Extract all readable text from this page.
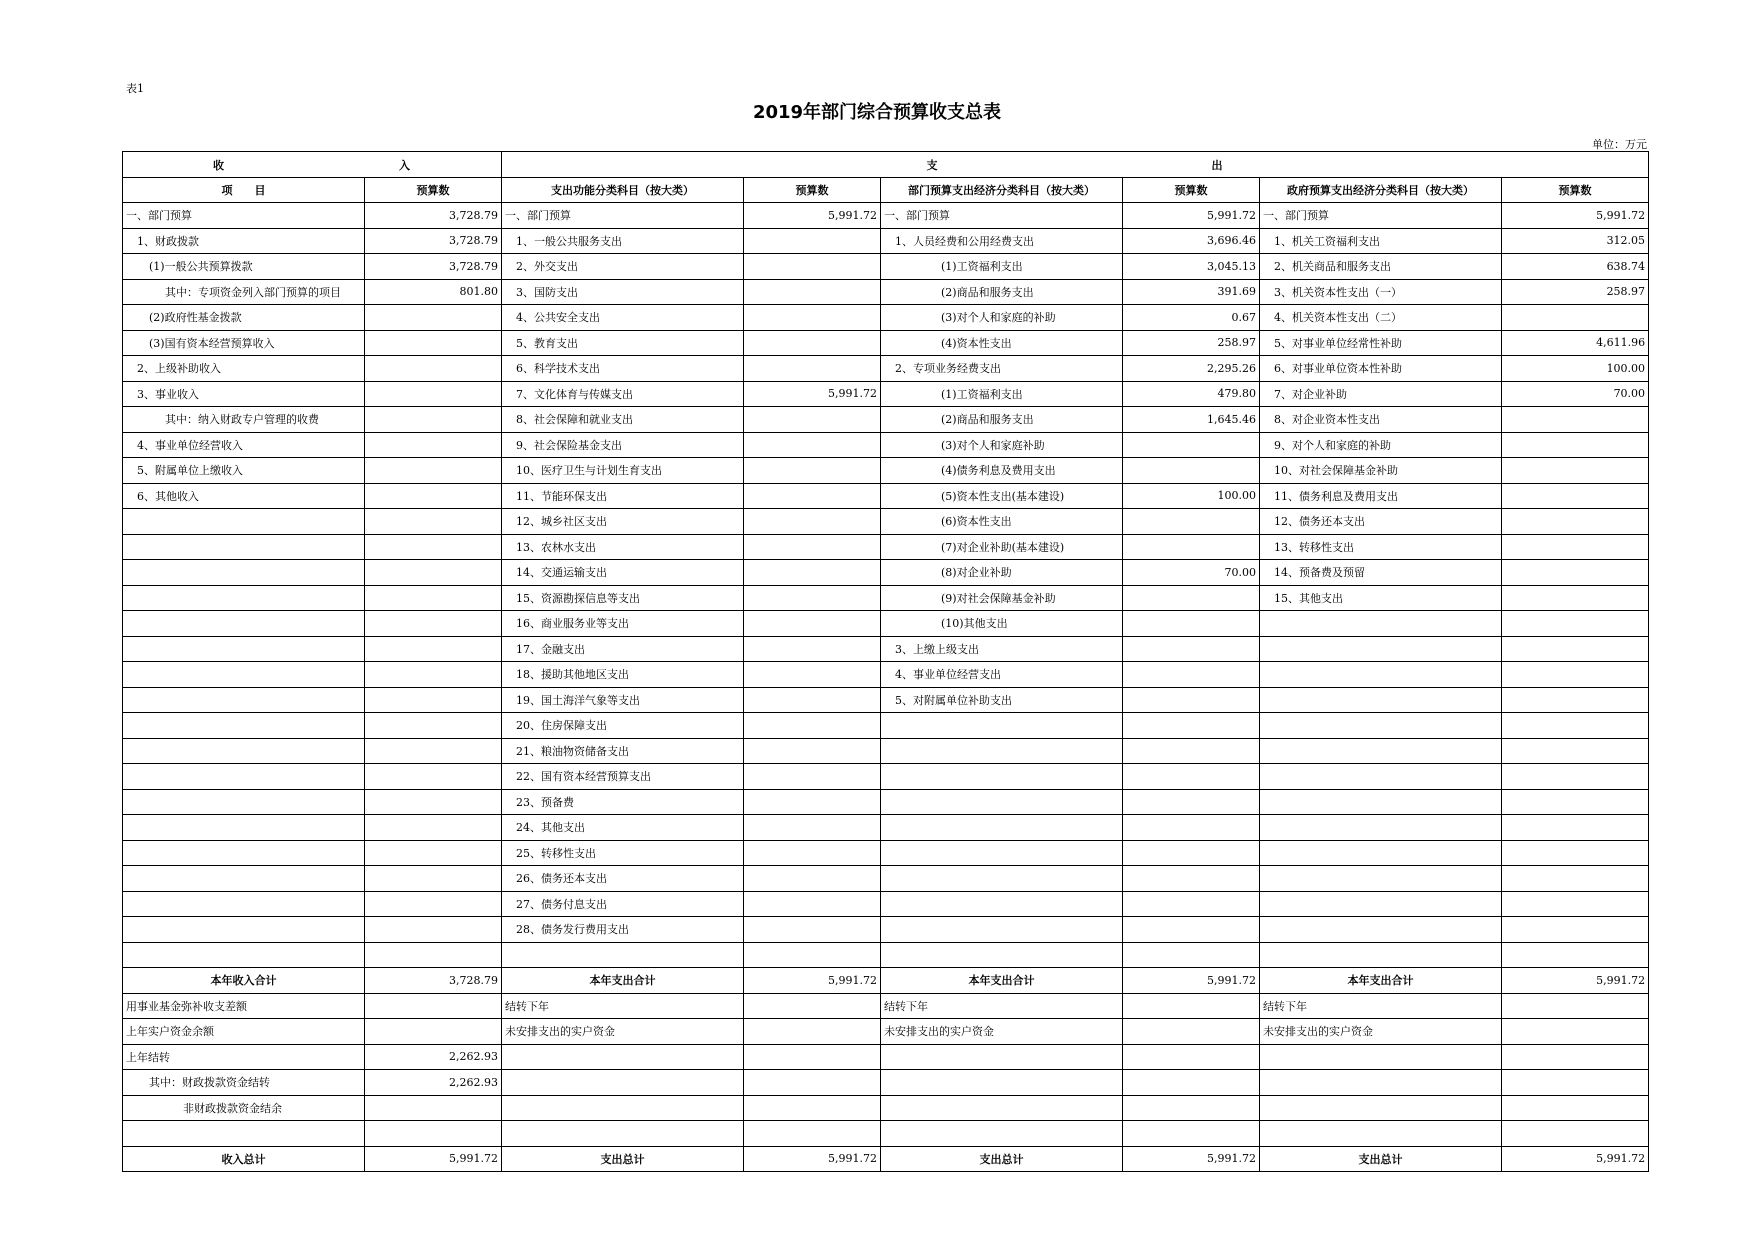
表1
2019年部门综合预算收支总表
单位：万元
收 入		支 出					

项　　目	预算数	支出功能分类科目（按大类）	预算数	部门预算支出经济分类科目（按大类）	预算数	政府预算支出经济分类科目（按大类）	预算数
一、部门预算	3,728.79	一、部门预算	5,991.72	一、部门预算	5,991.72	一、部门预算	5,991.72
1、财政拨款	3,728.79	1、一般公共服务支出		1、人员经费和公用经费支出	3,696.46	1、机关工资福利支出	312.05
(1)一般公共预算拨款	3,728.79	2、外交支出		(1)工资福利支出	3,045.13	2、机关商品和服务支出	638.74
其中：专项资金列入部门预算的项目	801.80	3、国防支出		(2)商品和服务支出	391.69	3、机关资本性支出（一）	258.97
(2)政府性基金拨款		4、公共安全支出		(3)对个人和家庭的补助	0.67	4、机关资本性支出（二）	
(3)国有资本经营预算收入		5、教育支出		(4)资本性支出	258.97	5、对事业单位经常性补助	4,611.96
2、上级补助收入		6、科学技术支出		2、专项业务经费支出	2,295.26	6、对事业单位资本性补助	100.00
3、事业收入		7、文化体育与传媒支出	5,991.72	(1)工资福利支出	479.80	7、对企业补助	70.00
其中：纳入财政专户管理的收费		8、社会保障和就业支出		(2)商品和服务支出	1,645.46	8、对企业资本性支出	
4、事业单位经营收入		9、社会保险基金支出		(3)对个人和家庭补助		9、对个人和家庭的补助	
5、附属单位上缴收入		10、医疗卫生与计划生育支出		(4)债务利息及费用支出		10、对社会保障基金补助	
6、其他收入		11、节能环保支出		(5)资本性支出(基本建设)	100.00	11、债务利息及费用支出	
		12、城乡社区支出		(6)资本性支出		12、债务还本支出	
		13、农林水支出		(7)对企业补助(基本建设)		13、转移性支出	
		14、交通运输支出		(8)对企业补助	70.00	14、预备费及预留	
		15、资源勘探信息等支出		(9)对社会保障基金补助		15、其他支出	
		16、商业服务业等支出		(10)其他支出			
		17、金融支出		3、上缴上级支出			
		18、援助其他地区支出		4、事业单位经营支出			
		19、国土海洋气象等支出		5、对附属单位补助支出			
		20、住房保障支出					
		21、粮油物资储备支出					
		22、国有资本经营预算支出					
		23、预备费					
		24、其他支出					
		25、转移性支出					
		26、债务还本支出					
		27、债务付息支出					
		28、债务发行费用支出					

本年收入合计	3,728.79	本年支出合计	5,991.72	本年支出合计	5,991.72	本年支出合计	5,991.72
用事业基金弥补收支差额		结转下年		结转下年		结转下年	
上年实户资金余额		未安排支出的实户资金		未安排支出的实户资金		未安排支出的实户资金	
上年结转	2,262.93						
其中：财政拨款资金结转	2,262.93						
非财政拨款资金结余							

收入总计	5,991.72	支出总计	5,991.72	支出总计	5,991.72	支出总计	5,991.72
